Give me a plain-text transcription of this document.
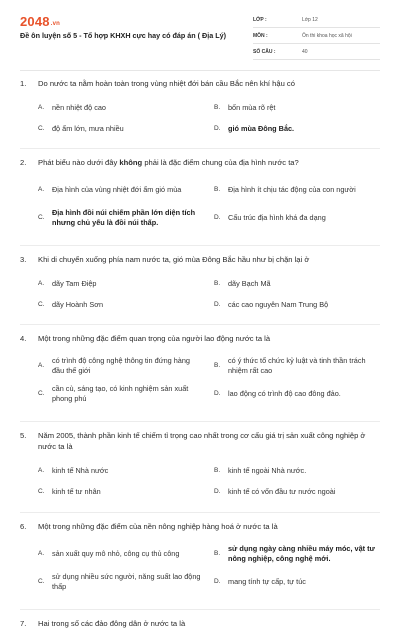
2048.vn
Đề ôn luyện số 5 - Tổ hợp KHXH cực hay có đáp án ( Địa Lý)
LỚP :	Lớp 12
MÔN :	Ôn thi khoa học xã hội
SỐ CÂU :	40
1. Do nước ta nằm hoàn toàn trong vùng nhiệt đới bán cầu Bắc nên khí hậu có
A.	nền nhiệt độ cao	B.	bốn mùa rõ rệt
C.	độ ẩm lớn, mưa nhiều	D.	gió mùa Đông Bắc.
2. Phát biểu nào dưới đây không phải là đặc điểm chung của địa hình nước ta?
A.	Địa hình của vùng nhiệt đới ẩm gió mùa	B.	Địa hình ít chịu tác động của con người
C.
Địa hình đồi núi chiếm phần lớn diện tích nhưng chủ yếu là đồi núi thấp.
D.	Cấu trúc địa hình khá đa dạng
3. Khi di chuyển xuống phía nam nước ta, gió mùa Đông Bắc hầu như bị chặn lại ở
A.	dãy Tam Điệp	B.	dãy Bạch Mã
C.	dãy Hoành Sơn	D.	các cao nguyên Nam Trung Bộ
4. Một trong những đặc điểm quan trọng của người lao động nước ta là
A.
có trình độ công nghệ thông tin đứng hàng đầu thế giới
B.
có ý thức tổ chức kỷ luật và tinh thần trách nhiệm rất cao
C.
cần cù, sáng tạo, có kinh nghiệm sản xuất phong phú
D.	lao động có trình độ cao đông đảo.
5. Năm 2005, thành phần kinh tế chiếm tỉ trọng cao nhất trong cơ cấu giá trị sản xuất công nghiệp ở nước ta là
A.	kinh tế Nhà nước	B.	kinh tế ngoài Nhà nước.
C.	kinh tế tư nhân	D.	kinh tế có vốn đầu tư nước ngoài
6. Một trong những đặc điểm của nền nông nghiệp hàng hoá ở nước ta là
A.	sản xuất quy mô nhỏ, công cụ thủ công	B.
sử dụng ngày càng nhiều máy móc, vật tư nông nghiệp, công nghệ mới.
C.
sử dụng nhiều sức người, năng suất lao động thấp
D.	mang tính tự cấp, tự túc
7. Hai trong số các đảo đông dân ở nước ta là
